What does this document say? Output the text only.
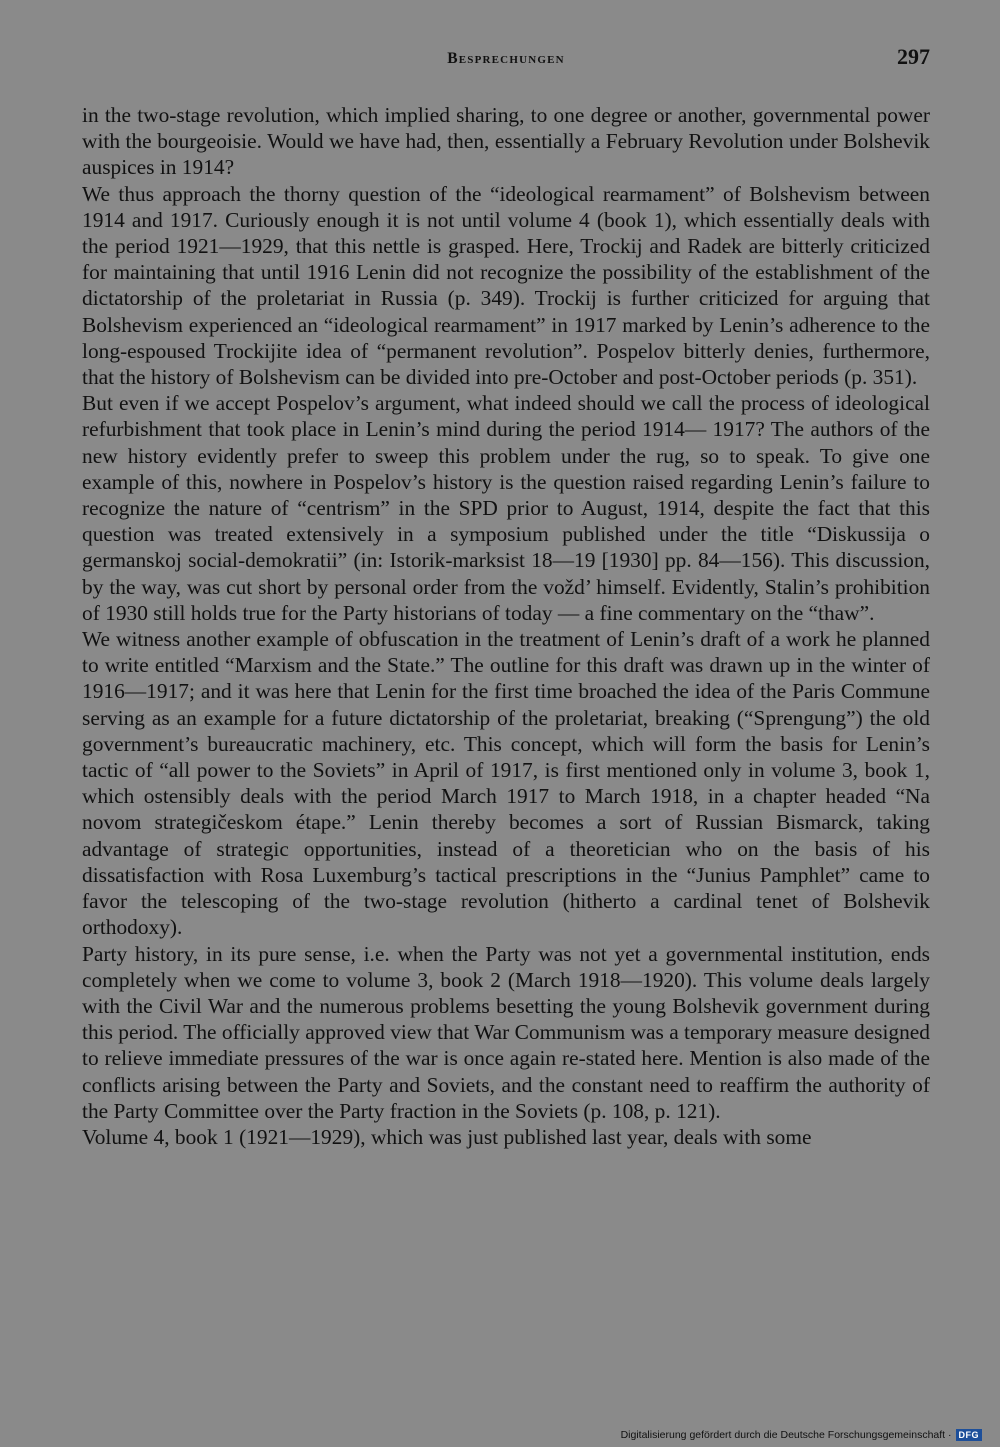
Besprechungen	297

in the two-stage revolution, which implied sharing, to one degree or another, governmental power with the bourgeoisie. Would we have had, then, essentially a February Revolution under Bolshevik auspices in 1914?

We thus approach the thorny question of the “ideological rearmament” of Bolshevism between 1914 and 1917. Curiously enough it is not until volume 4 (book 1), which essentially deals with the period 1921—1929, that this nettle is grasped. Here, Trockij and Radek are bitterly criticized for maintaining that until 1916 Lenin did not recognize the possibility of the establishment of the dictatorship of the proletariat in Russia (p. 349). Trockij is further criticized for arguing that Bolshevism experienced an “ideological rearmament” in 1917 marked by Lenin’s adherence to the long-espoused Trockijite idea of “permanent revolution”. Pospelov bitterly denies, furthermore, that the history of Bolshevism can be divided into pre-October and post-October periods (p. 351).

But even if we accept Pospelov’s argument, what indeed should we call the process of ideological refurbishment that took place in Lenin’s mind during the period 1914— 1917? The authors of the new history evidently prefer to sweep this problem under the rug, so to speak. To give one example of this, nowhere in Pospelov’s history is the question raised regarding Lenin’s failure to recognize the nature of “centrism” in the SPD prior to August, 1914, despite the fact that this question was treated extensively in a symposium published under the title “Diskussija o germanskoj social-demokratii” (in: Istorik-marksist 18—19 [1930] pp. 84—156). This discussion, by the way, was cut short by personal order from the vožd’ himself. Evidently, Stalin’s prohibition of 1930 still holds true for the Party historians of today — a fine commentary on the “thaw”.

We witness another example of obfuscation in the treatment of Lenin’s draft of a work he planned to write entitled “Marxism and the State.” The outline for this draft was drawn up in the winter of 1916—1917; and it was here that Lenin for the first time broached the idea of the Paris Commune serving as an example for a future dictatorship of the proletariat, breaking (“Sprengung”) the old government’s bureaucratic machinery, etc. This concept, which will form the basis for Lenin’s tactic of “all power to the Soviets” in April of 1917, is first mentioned only in volume 3, book 1, which ostensibly deals with the period March 1917 to March 1918, in a chapter headed “Na novom strategičeskom étape.” Lenin thereby becomes a sort of Russian Bismarck, taking advantage of strategic opportunities, instead of a theoretician who on the basis of his dissatisfaction with Rosa Luxemburg’s tactical prescriptions in the “Junius Pamphlet” came to favor the telescoping of the two-stage revolution (hitherto a cardinal tenet of Bolshevik orthodoxy).

Party history, in its pure sense, i.e. when the Party was not yet a governmental institution, ends completely when we come to volume 3, book 2 (March 1918—1920). This volume deals largely with the Civil War and the numerous problems besetting the young Bolshevik government during this period. The officially approved view that War Communism was a temporary measure designed to relieve immediate pressures of the war is once again re-stated here. Mention is also made of the conflicts arising between the Party and Soviets, and the constant need to reaffirm the authority of the Party Committee over the Party fraction in the Soviets (p. 108, p. 121).

Volume 4, book 1 (1921—1929), which was just published last year, deals with some

Digitalisierung gefördert durch die Deutsche Forschungsgemeinschaft · DFG
